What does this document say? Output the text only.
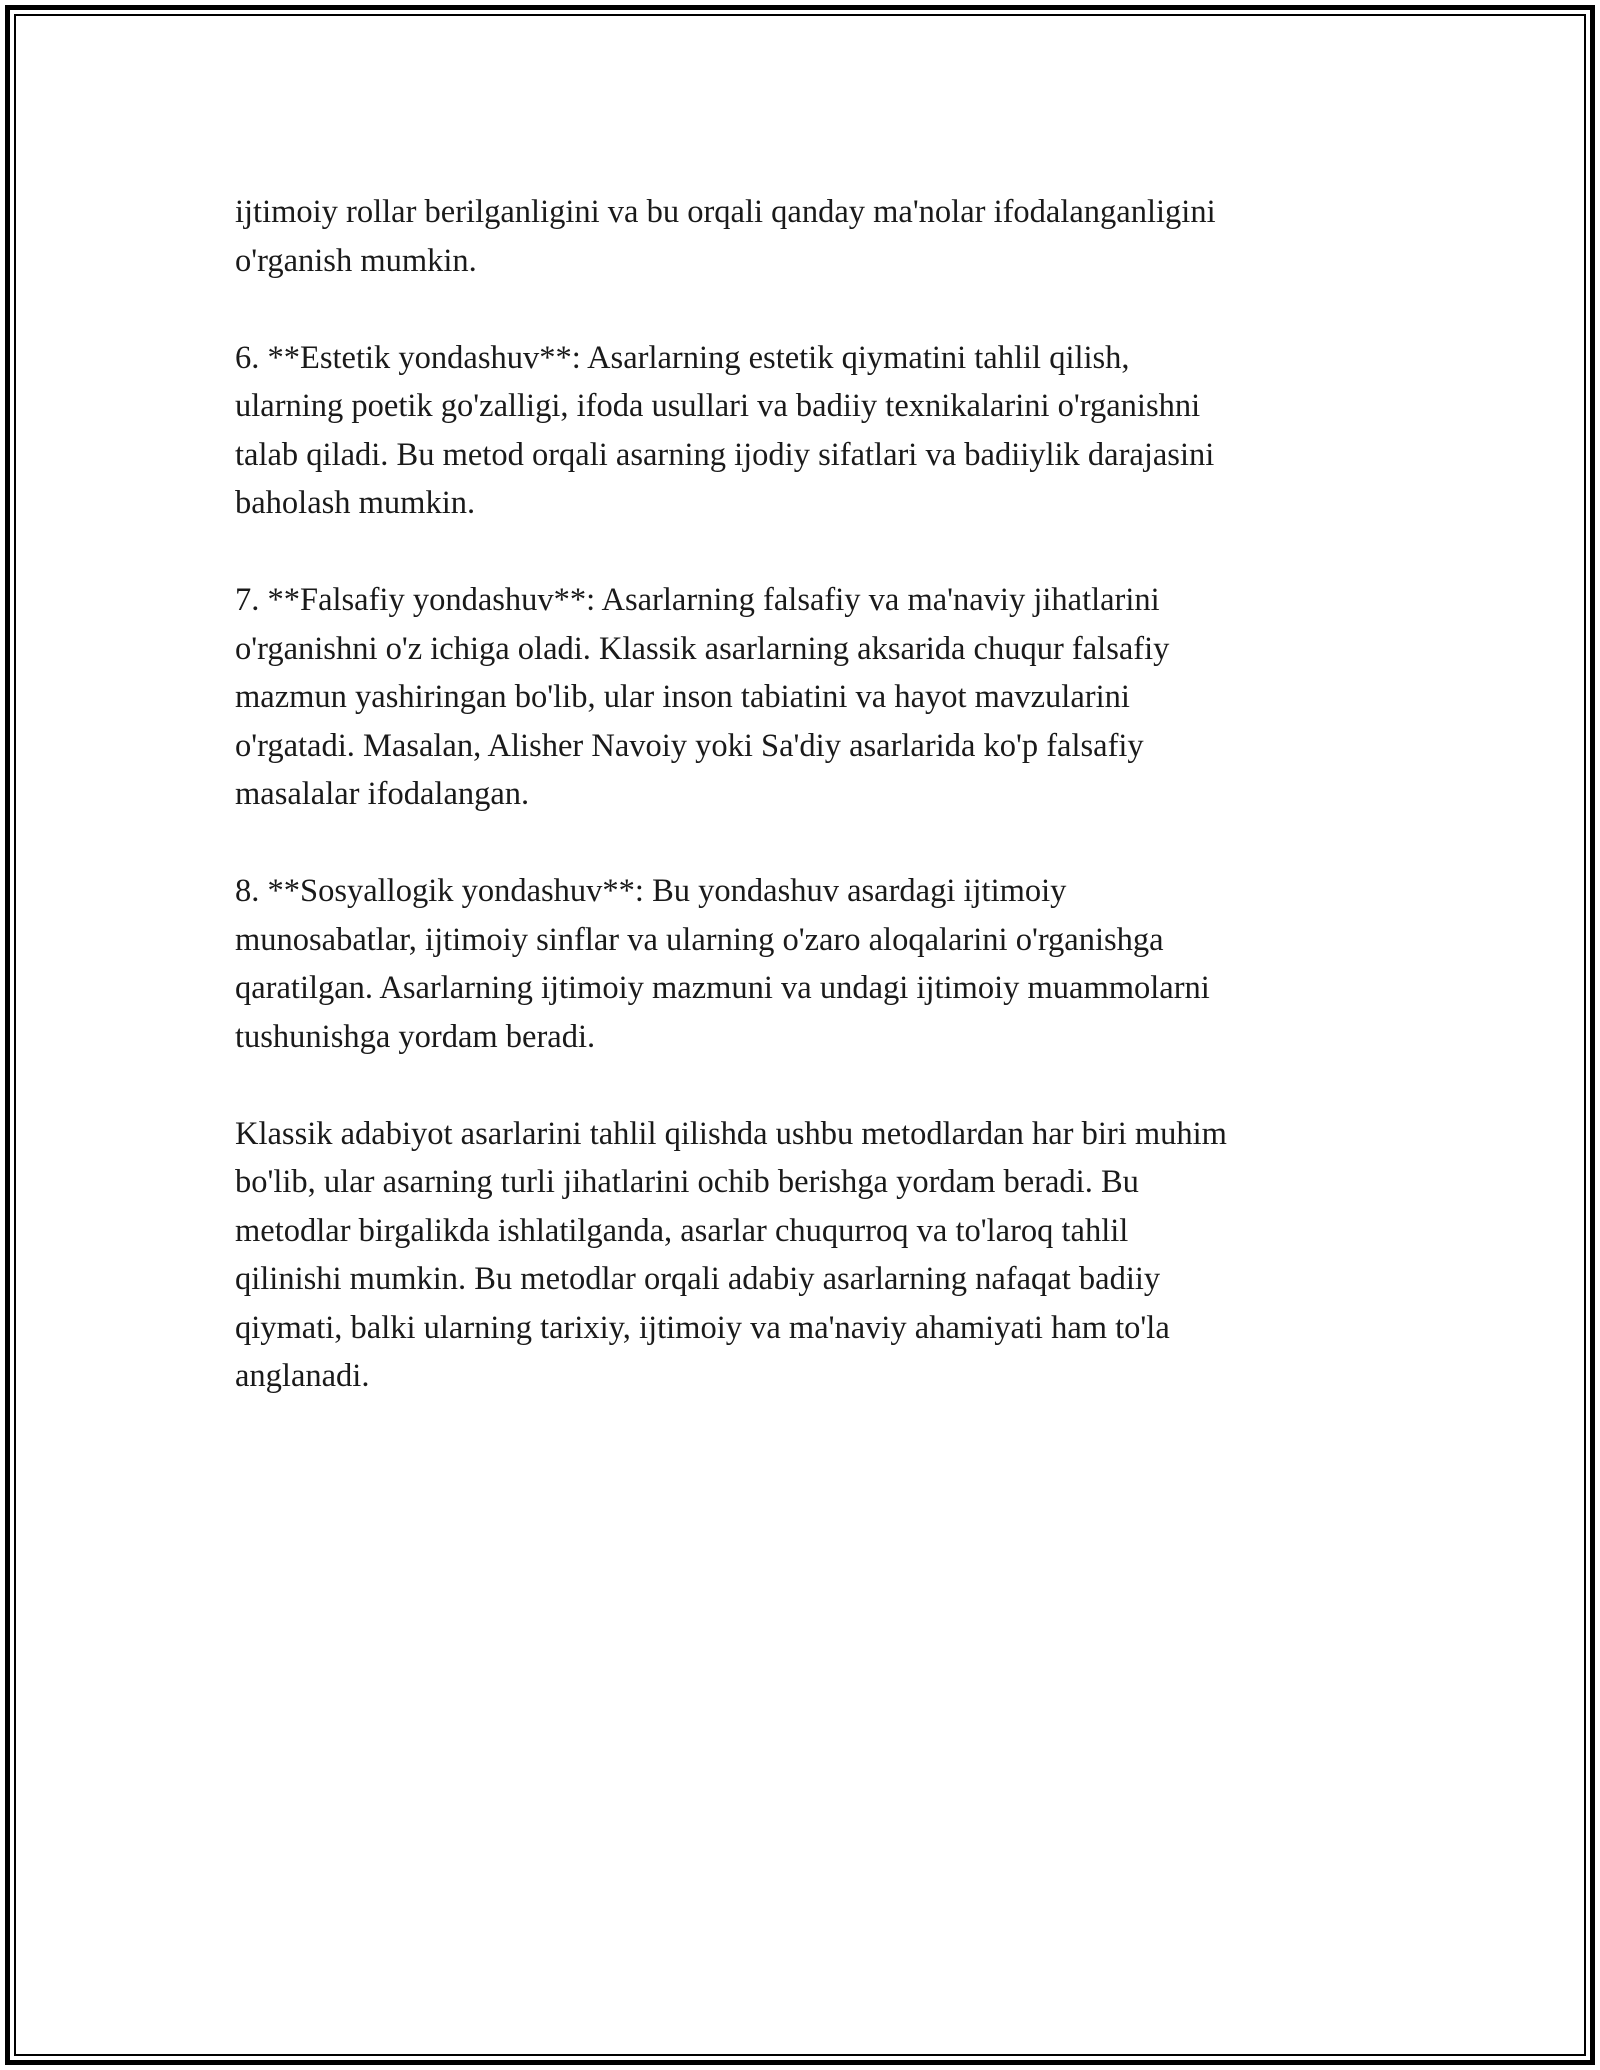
ijtimoiy rollar berilganligini va bu orqali qanday ma'nolar ifodalanganligini
o'rganish mumkin.

6. **Estetik yondashuv**: Asarlarning estetik qiymatini tahlil qilish,
ularning poetik go'zalligi, ifoda usullari va badiiy texnikalarini o'rganishni
talab qiladi. Bu metod orqali asarning ijodiy sifatlari va badiiylik darajasini
baholash mumkin.

7. **Falsafiy yondashuv**: Asarlarning falsafiy va ma'naviy jihatlarini
o'rganishni o'z ichiga oladi. Klassik asarlarning aksarida chuqur falsafiy
mazmun yashiringan bo'lib, ular inson tabiatini va hayot mavzularini
o'rgatadi. Masalan, Alisher Navoiy yoki Sa'diy asarlarida ko'p falsafiy
masalalar ifodalangan.

8. **Sosyallogik yondashuv**: Bu yondashuv asardagi ijtimoiy
munosabatlar, ijtimoiy sinflar va ularning o'zaro aloqalarini o'rganishga
qaratilgan. Asarlarning ijtimoiy mazmuni va undagi ijtimoiy muammolarni
tushunishga yordam beradi.

Klassik adabiyot asarlarini tahlil qilishda ushbu metodlardan har biri muhim
bo'lib, ular asarning turli jihatlarini ochib berishga yordam beradi. Bu
metodlar birgalikda ishlatilganda, asarlar chuqurroq va to'laroq tahlil
qilinishi mumkin. Bu metodlar orqali adabiy asarlarning nafaqat badiiy
qiymati, balki ularning tarixiy, ijtimoiy va ma'naviy ahamiyati ham to'la
anglanadi.
